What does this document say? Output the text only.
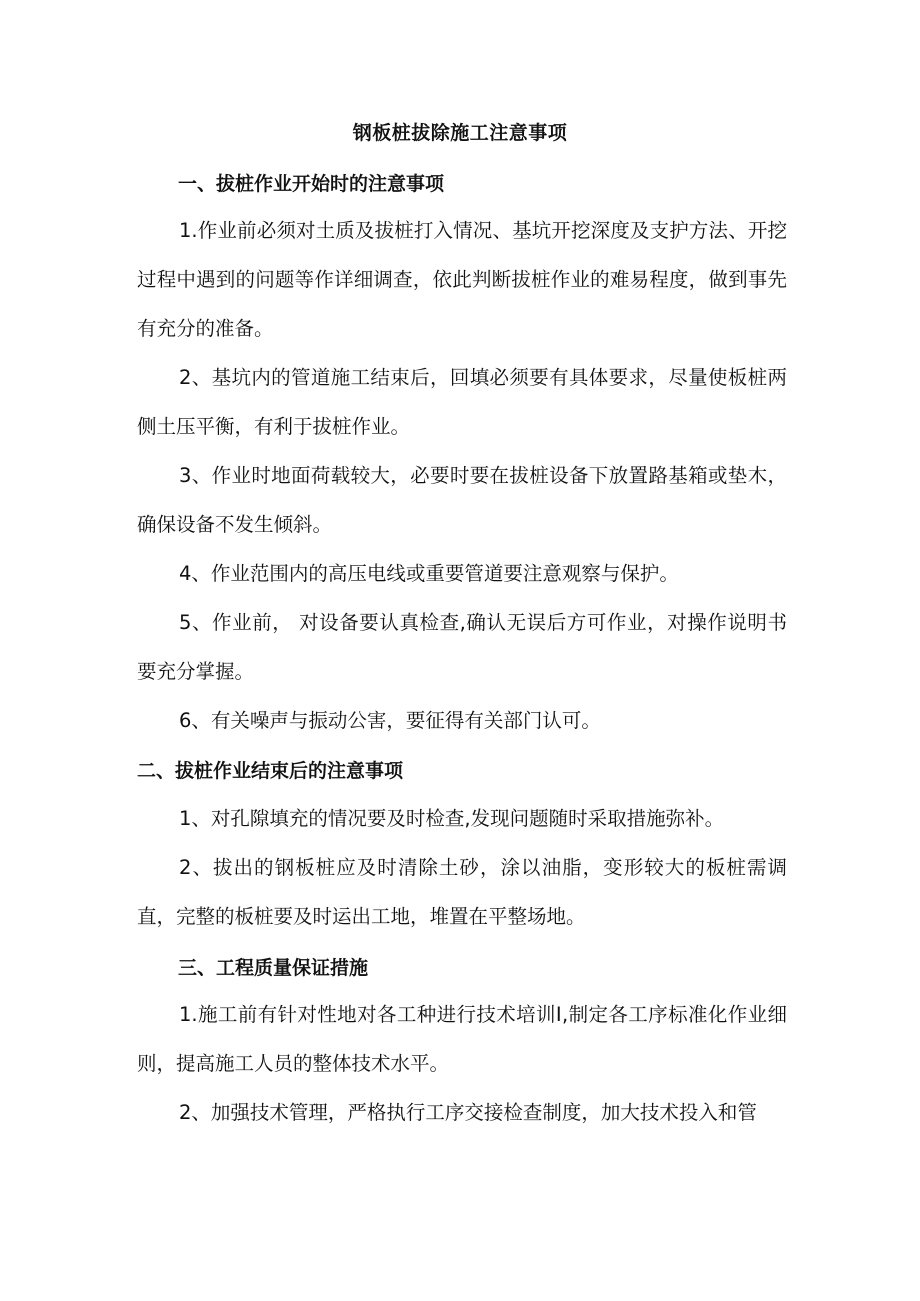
钢板桩拔除施工注意事项
一、拔桩作业开始时的注意事项

1.作业前必须对土质及拔桩打入情况、基坑开挖深度及支护方法、开挖过程中遇到的问题等作详细调查，依此判断拔桩作业的难易程度，做到事先有充分的准备。

2、基坑内的管道施工结束后，回填必须要有具体要求，尽量使板桩两侧土压平衡，有利于拔桩作业。

3、作业时地面荷载较大，必要时要在拔桩设备下放置路基箱或垫木，确保设备不发生倾斜。

4、作业范围内的高压电线或重要管道要注意观察与保护。

5、作业前， 对设备要认真检查,确认无误后方可作业，对操作说明书要充分掌握。

6、有关噪声与振动公害，要征得有关部门认可。

二、拔桩作业结束后的注意事项

1、对孔隙填充的情况要及时检查,发现问题随时采取措施弥补。

2、拔出的钢板桩应及时清除土砂，涂以油脂，变形较大的板桩需调直，完整的板桩要及时运出工地，堆置在平整场地。

三、工程质量保证措施

1.施工前有针对性地对各工种进行技术培训Ⅰ,制定各工序标准化作业细则，提高施工人员的整体技术水平。

2、加强技术管理，严格执行工序交接检查制度，加大技术投入和管
